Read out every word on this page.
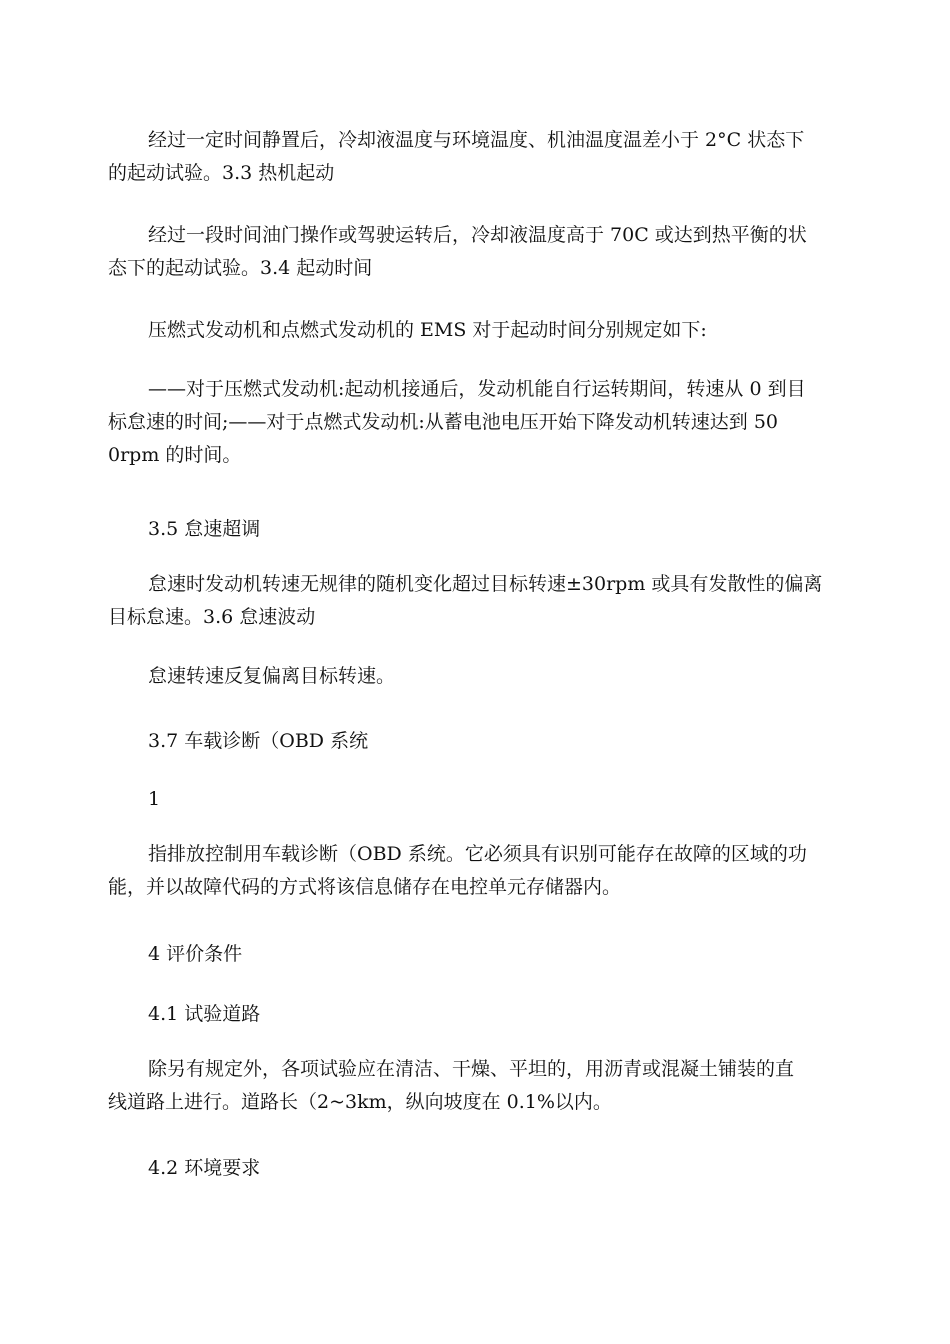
经过一定时间静置后，冷却液温度与环境温度、机油温度温差小于 2°C 状态下
的起动试验。3.3 热机起动

经过一段时间油门操作或驾驶运转后，冷却液温度高于 70C 或达到热平衡的状
态下的起动试验。3.4 起动时间

压燃式发动机和点燃式发动机的 EMS 对于起动时间分别规定如下:

——对于压燃式发动机:起动机接通后，发动机能自行运转期间，转速从 0 到目
标怠速的时间;——对于点燃式发动机:从蓄电池电压开始下降发动机转速达到 50
0rpm 的时间。

3.5 怠速超调

怠速时发动机转速无规律的随机变化超过目标转速±30rpm 或具有发散性的偏离
目标怠速。3.6 怠速波动

怠速转速反复偏离目标转速。

3.7 车载诊断（OBD 系统

1

指排放控制用车载诊断（OBD 系统。它必须具有识别可能存在故障的区域的功
能，并以故障代码的方式将该信息储存在电控单元存储器内。

4 评价条件

4.1 试验道路

除另有规定外，各项试验应在清洁、干燥、平坦的，用沥青或混凝土铺装的直
线道路上进行。道路长（2~3km，纵向坡度在 0.1%以内。

4.2 环境要求
